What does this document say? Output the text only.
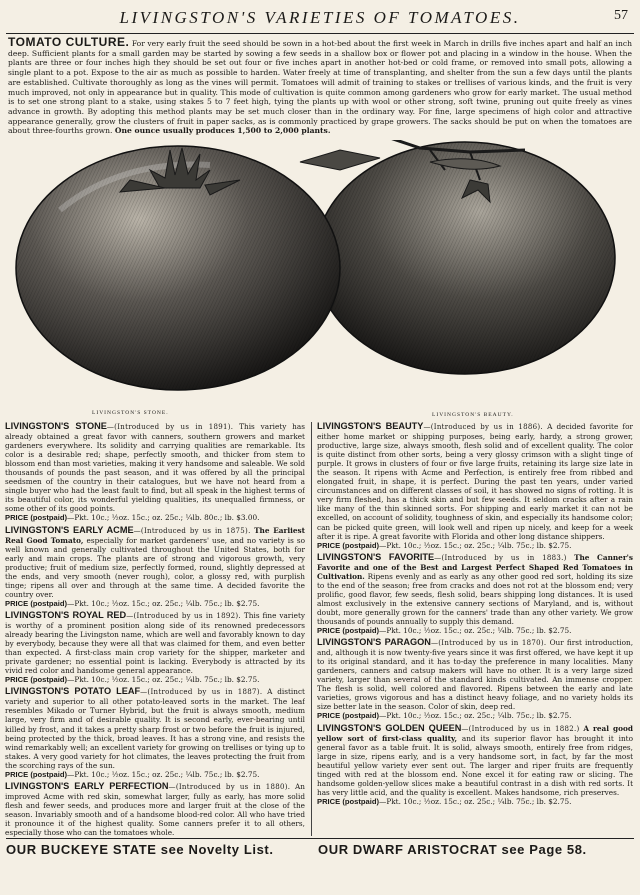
LIVINGSTON'S VARIETIES OF TOMATOES.	57
TOMATO CULTURE. For very early fruit the seed should be sown in a hot-bed about the first week in March in drills five inches apart and half an inch deep. Sufficient plants for a small garden may be started by sowing a few seeds in a shallow box or flower pot and placing in a window in the house. When the plants are three or four inches high they should be set out four or five inches apart in another hot-bed or cold frame, or removed into small pots, allowing a single plant to a pot. Expose to the air as much as possible to harden. Water freely at time of transplanting, and shelter from the sun a few days until the plants are established. Cultivate thoroughly as long as the vines will permit. Tomatoes will admit of training to stakes or trellises of various kinds, and the fruit is very much improved, not only in appearance but in quality. This mode of cultivation is quite common among gardeners who grow for early market. The usual method is to set one strong plant to a stake, using stakes 5 to 7 feet high, tying the plants up with wool or other strong, soft twine, pruning out quite freely as vines advance in growth. By adopting this method plants may be set much closer than in the ordinary way. For fine, large specimens of high color and attractive appearance generally, grow the clusters of fruit in paper sacks, as is commonly practiced by grape growers. The sacks should be put on when the tomatoes are about three-fourths grown. One ounce usually produces 1,500 to 2,000 plants.
LIVINGSTON'S STONE.	LIVINGSTON'S BEAUTY.
LIVINGSTON'S STONE—(Introduced by us in 1891). This variety has already obtained a great favor with canners, southern growers and market gardeners everywhere. Its solidity and carrying qualities are remarkable. Its color is a desirable red; shape, perfectly smooth, and thicker from stem to blossom end than most varieties, making it very handsome and saleable. We sold thousands of pounds the past season, and it was offered by all the principal seedsmen of the country in their catalogues, but we have not heard from a single buyer who had the least fault to find, but all speak in the highest terms of its beautiful color, its wonderful yielding qualities, its unequalled firmness, or some other of its good points.
PRICE (postpaid)—Pkt. 10c.; ½oz. 15c.; oz. 25c.; ¼lb. 80c.; lb. $3.00.
LIVINGSTON'S EARLY ACME—(Introduced by us in 1875). The Earliest Real Good Tomato, especially for market gardeners' use, and no variety is so well known and generally cultivated throughout the United States, both for early and main crops. The plants are of strong and vigorous growth, very productive; fruit of medium size, perfectly formed, round, slightly depressed at the ends, and very smooth (never rough), color, a glossy red, with purplish tinge; ripens all over and through at the same time. A decided favorite the country over.
PRICE (postpaid)—Pkt. 10c.; ½oz. 15c.; oz. 25c.; ¼lb. 75c.; lb. $2.75.
LIVINGSTON'S ROYAL RED—(Introduced by us in 1892). This fine variety is worthy of a prominent position along side of its renowned predecessors already bearing the Livingston name, which are well and favorably known to day by everybody, because they were all that was claimed for them, and even better than expected. A first-class main crop variety for the shipper, marketer and private gardener; no essential point is lacking. Everybody is attracted by its vivid red color and handsome general appearance.
PRICE (postpaid)—Pkt. 10c.; ½oz. 15c.; oz. 25c.; ¼lb. 75c.; lb. $2.75.
LIVINGSTON'S POTATO LEAF—(Introduced by us in 1887). A distinct variety and superior to all other potato-leaved sorts in the market. The leaf resembles Mikado or Turner Hybrid, but the fruit is always smooth, medium large, very firm and of desirable quality. It is second early, ever-bearing until killed by frost, and it takes a pretty sharp frost or two before the fruit is injured, being protected by the thick, broad leaves. It has a strong vine, and resists the wind remarkably well; an excellent variety for growing on trellises or tying up to stakes. A very good variety for hot climates, the leaves protecting the fruit from the scorching rays of the sun.
PRICE (postpaid)—Pkt. 10c.; ½oz. 15c.; oz. 25c.; ¼lb. 75c.; lb. $2.75.
LIVINGSTON'S EARLY PERFECTION—(Introduced by us in 1880). An improved Acme with red skin, somewhat larger, fully as early, has more solid flesh and fewer seeds, and produces more and larger fruit at the close of the season. Invariably smooth and of a handsome blood-red color. All who have tried it pronounce it of the highest quality. Some canners prefer it to all others, especially those who can the tomatoes whole.
LIVINGSTON'S BEAUTY—(Introduced by us in 1886). A decided favorite for either home market or shipping purposes, being early, hardy, a strong grower, productive, large size, always smooth, flesh solid and of excellent quality. The color is quite distinct from other sorts, being a very glossy crimson with a slight tinge of purple. It grows in clusters of four or five large fruits, retaining its large size late in the season. It ripens with Acme and Perfection, is entirely free from ribbed and elongated fruit, in shape, it is perfect. During the past ten years, under varied circumstances and on different classes of soil, it has showed no signs of rotting. It is very firm fleshed, has a thick skin and but few seeds. It seldom cracks after a rain like many of the thin skinned sorts. For shipping and early market it can not be excelled, on account of solidity, toughness of skin, and especially its handsome color; can be picked quite green, will look well and ripen up nicely, and keep for a week after it is ripe. A great favorite with Florida and other long distance shippers.
PRICE (postpaid)—Pkt. 10c.; ½oz. 15c.; oz. 25c.; ¼lb. 75c.; lb. $2.75.
LIVINGSTON'S FAVORITE—(Introduced by us in 1883.) The Canner's Favorite and one of the Best and Largest Perfect Shaped Red Tomatoes in Cultivation. Ripens evenly and as early as any other good red sort, holding its size to the end of the season; free from cracks and does not rot at the blossom end; very prolific, good flavor, few seeds, flesh solid, bears shipping long distances. It is used almost exclusively in the extensive cannery sections of Maryland, and is, without doubt, more generally grown for the canners' trade than any other variety. We grow thousands of pounds annually to supply this demand.
PRICE (postpaid)—Pkt. 10c.; ½oz. 15c.; oz. 25c.; ¼lb. 75c.; lb. $2.75.
LIVINGSTON'S PARAGON—(Introduced by us in 1870). Our first introduction, and, although it is now twenty-five years since it was first offered, we have kept it up to its original standard, and it has to-day the preference in many localities. Many gardeners, canners and catsup makers will have no other. It is a very large sized variety, larger than several of the standard kinds cultivated. An immense cropper. The flesh is solid, well colored and flavored. Ripens between the early and late varieties, grows vigorous and has a distinct heavy foliage, and no variety holds its size better late in the season. Color of skin, deep red.
PRICE (postpaid)—Pkt. 10c.; ½oz. 15c.; oz. 25c.; ¼lb. 75c.; lb. $2.75.
LIVINGSTON'S GOLDEN QUEEN—(Introduced by us in 1882.) A real good yellow sort of first-class quality, and its superior flavor has brought it into general favor as a table fruit. It is solid, always smooth, entirely free from ridges, large in size, ripens early, and is a very handsome sort, in fact, by far the most beautiful yellow variety ever sent out. The larger and riper fruits are frequently tinged with red at the blossom end. None excel it for eating raw or slicing. The handsome golden-yellow slices make a beautiful contrast in a dish with red sorts. It has very little acid, and the quality is excellent. Makes handsome, rich preserves.
PRICE (postpaid)—Pkt. 10c.; ½oz. 15c.; oz. 25c.; ¼lb. 75c.; lb. $2.75.
OUR BUCKEYE STATE see Novelty List.	OUR DWARF ARISTOCRAT see Page 58.
